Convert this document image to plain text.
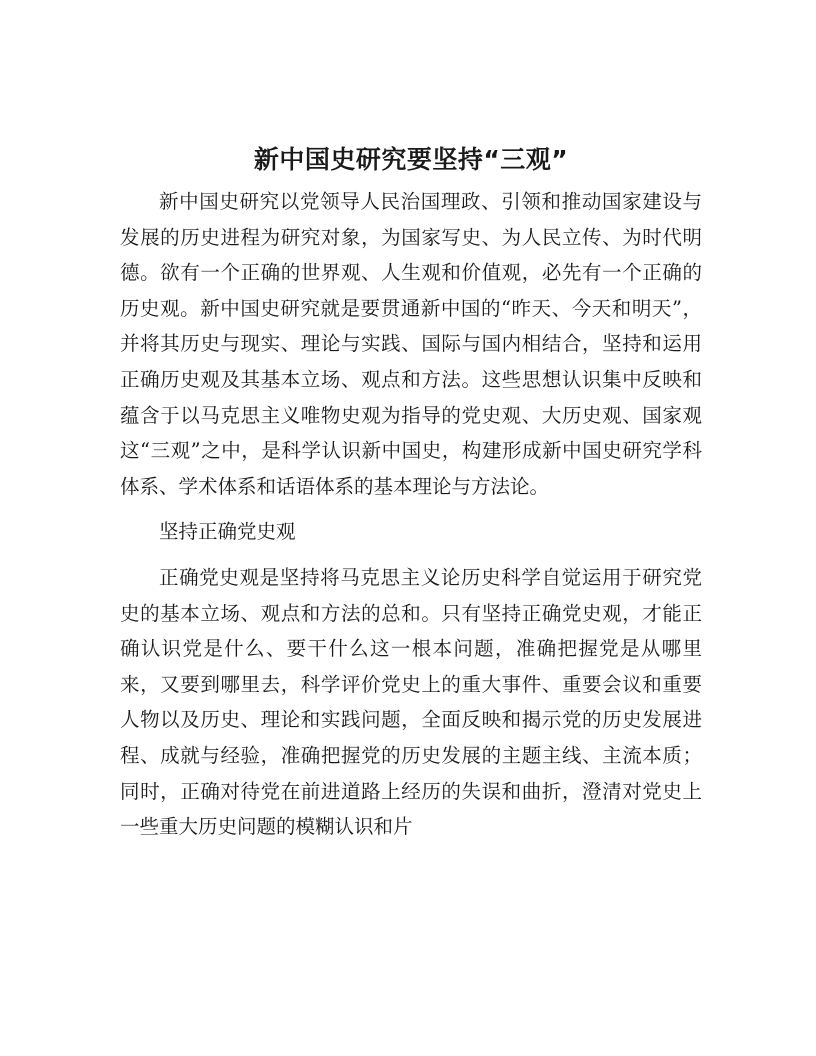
新中国史研究要坚持“三观”

新中国史研究以党领导人民治国理政、引领和推动国家建设与发展的历史进程为研究对象，为国家写史、为人民立传、为时代明德。欲有一个正确的世界观、人生观和价值观，必先有一个正确的历史观。新中国史研究就是要贯通新中国的“昨天、今天和明天”，并将其历史与现实、理论与实践、国际与国内相结合，坚持和运用正确历史观及其基本立场、观点和方法。这些思想认识集中反映和蕴含于以马克思主义唯物史观为指导的党史观、大历史观、国家观这“三观”之中，是科学认识新中国史，构建形成新中国史研究学科体系、学术体系和话语体系的基本理论与方法论。

坚持正确党史观

正确党史观是坚持将马克思主义论历史科学自觉运用于研究党史的基本立场、观点和方法的总和。只有坚持正确党史观，才能正确认识党是什么、要干什么这一根本问题，准确把握党是从哪里来，又要到哪里去，科学评价党史上的重大事件、重要会议和重要人物以及历史、理论和实践问题，全面反映和揭示党的历史发展进程、成就与经验，准确把握党的历史发展的主题主线、主流本质；同时，正确对待党在前进道路上经历的失误和曲折，澄清对党史上一些重大历史问题的模糊认识和片
